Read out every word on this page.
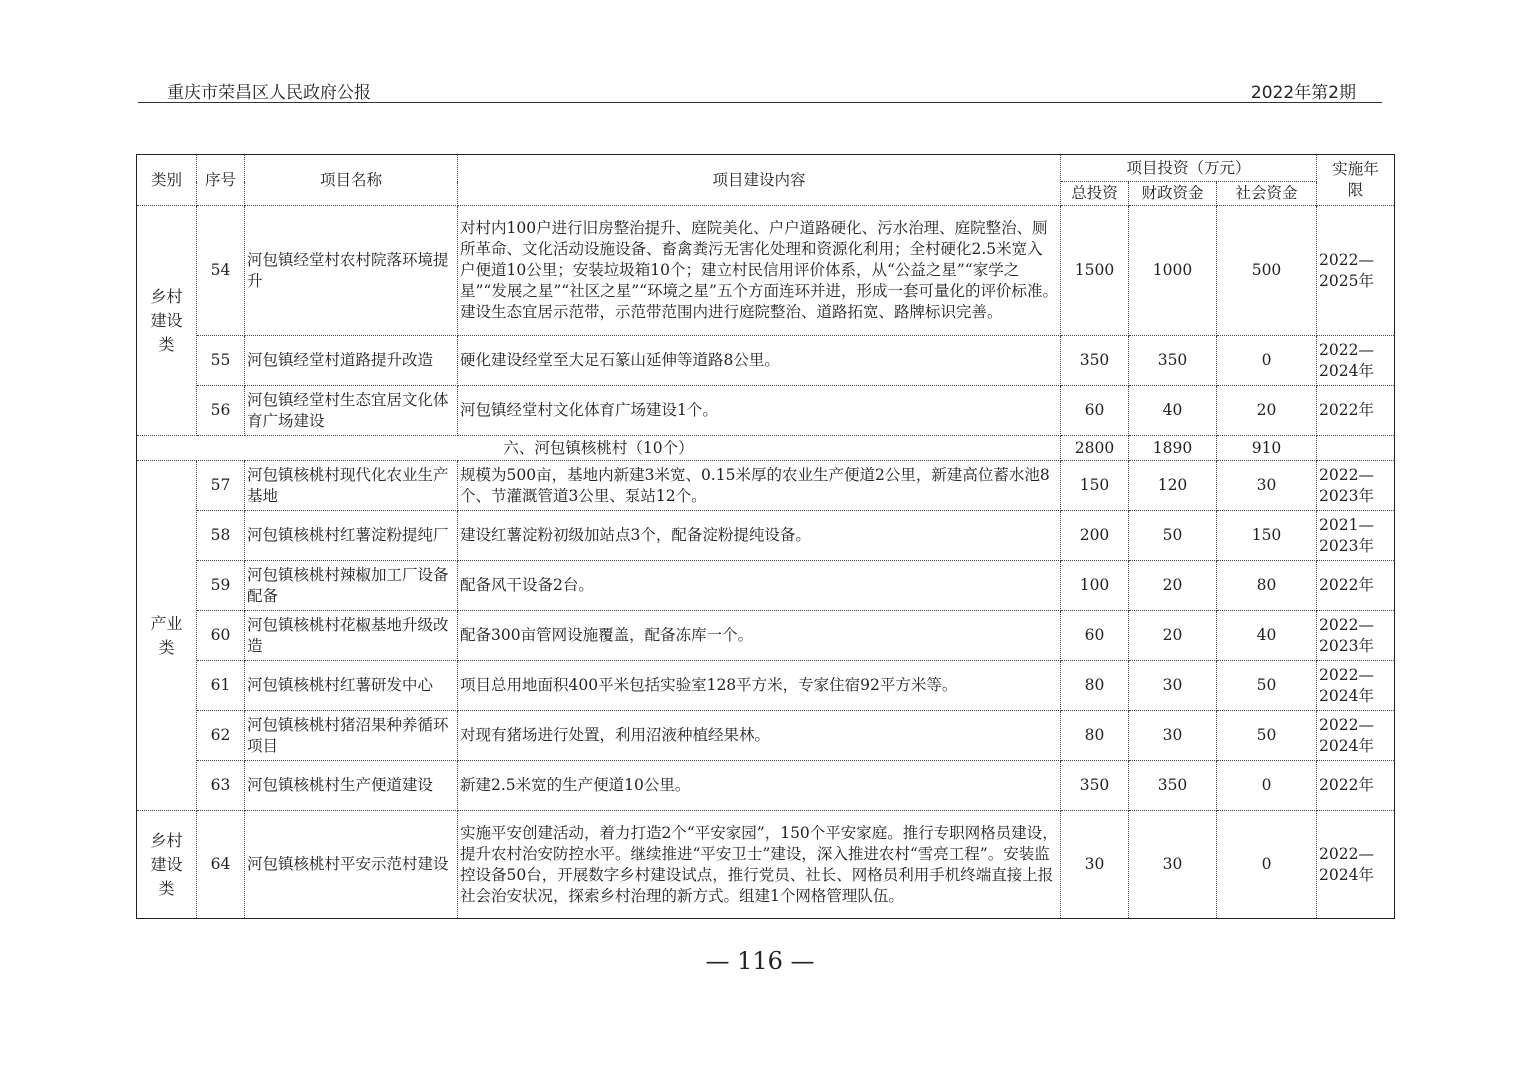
重庆市荣昌区人民政府公报	2022年第2期
类别	序号	项目名称	项目建设内容	项目投资（万元）			实施年限
				总投资	财政资金	社会资金	
乡村建设类	54	河包镇经堂村农村院落环境提升	对村内100户进行旧房整治提升、庭院美化、户户道路硬化、污水治理、庭院整治、厕所革命、文化活动设施设备、畜禽粪污无害化处理和资源化利用；全村硬化2.5米宽入户便道10公里；安装垃圾箱10个；建立村民信用评价体系，从“公益之星”“家学之星”“发展之星”“社区之星”“环境之星”五个方面连环并进，形成一套可量化的评价标准。建设生态宜居示范带，示范带范围内进行庭院整治、道路拓宽、路牌标识完善。	1500	1000	500	2022—2025年
	55	河包镇经堂村道路提升改造	硬化建设经堂至大足石篆山延伸等道路8公里。	350	350	0	2022—2024年
	56	河包镇经堂村生态宜居文化体育广场建设	河包镇经堂村文化体育广场建设1个。	60	40	20	2022年
六、河包镇核桃村（10个）				2800	1890	910	
产业类	57	河包镇核桃村现代化农业生产基地	规模为500亩，基地内新建3米宽、0.15米厚的农业生产便道2公里，新建高位蓄水池8个、节灌溉管道3公里、泵站12个。	150	120	30	2022—2023年
	58	河包镇核桃村红薯淀粉提纯厂	建设红薯淀粉初级加站点3个，配备淀粉提纯设备。	200	50	150	2021—2023年
	59	河包镇核桃村辣椒加工厂设备配备	配备风干设备2台。	100	20	80	2022年
	60	河包镇核桃村花椒基地升级改造	配备300亩管网设施覆盖，配备冻库一个。	60	20	40	2022—2023年
	61	河包镇核桃村红薯研发中心	项目总用地面积400平米包括实验室128平方米，专家住宿92平方米等。	80	30	50	2022—2024年
	62	河包镇核桃村猪沼果种养循环项目	对现有猪场进行处置，利用沼液种植经果林。	80	30	50	2022—2024年
	63	河包镇核桃村生产便道建设	新建2.5米宽的生产便道10公里。	350	350	0	2022年
乡村建设类	64	河包镇核桃村平安示范村建设	实施平安创建活动，着力打造2个“平安家园”，150个平安家庭。推行专职网格员建设，提升农村治安防控水平。继续推进“平安卫士”建设，深入推进农村“雪亮工程”。安装监控设备50台，开展数字乡村建设试点，推行党员、社长、网格员利用手机终端直接上报社会治安状况，探索乡村治理的新方式。组建1个网格管理队伍。	30	30	0	2022—2024年
— 116 —
